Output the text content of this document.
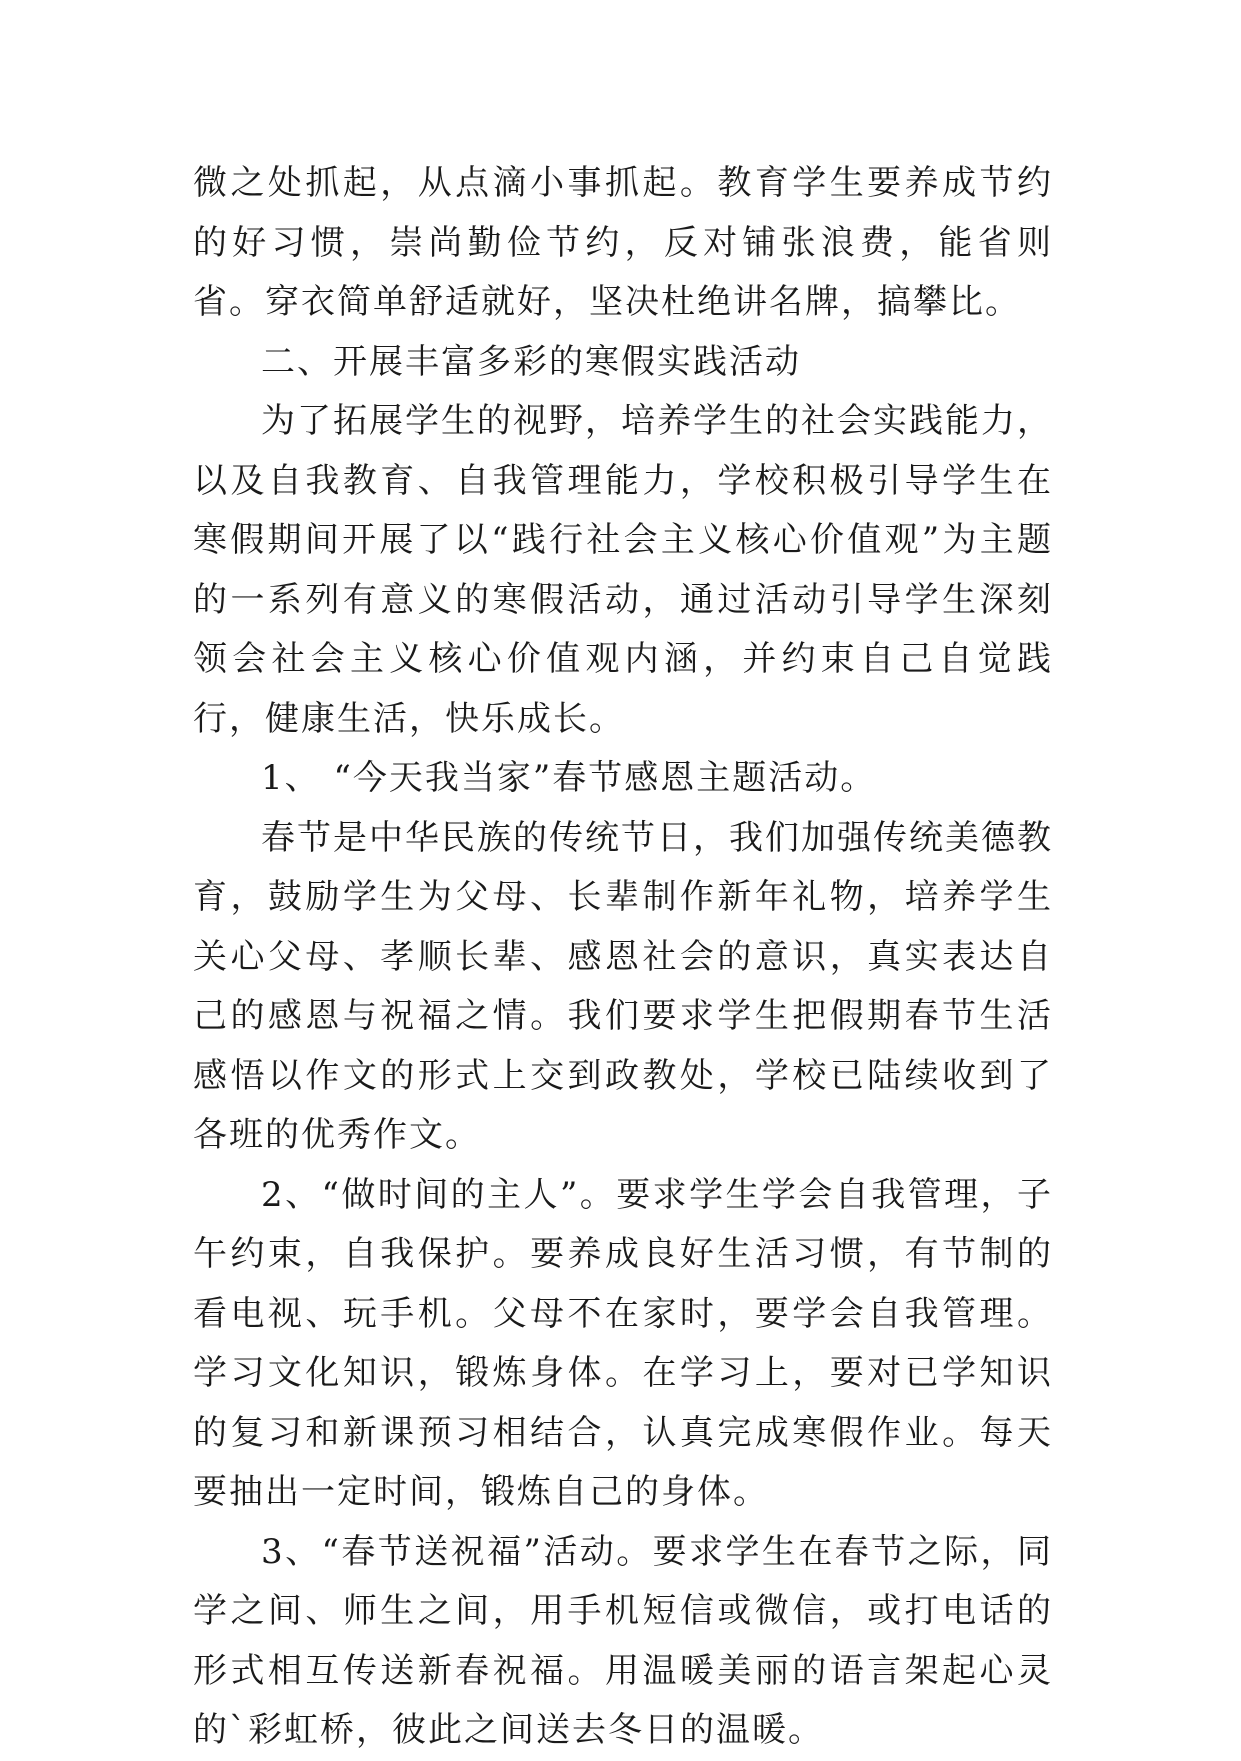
微之处抓起，从点滴小事抓起。教育学生要养成节约的好习惯，崇尚勤俭节约，反对铺张浪费，能省则省。穿衣简单舒适就好，坚决杜绝讲名牌，搞攀比。

二、开展丰富多彩的寒假实践活动

为了拓展学生的视野，培养学生的社会实践能力，以及自我教育、自我管理能力，学校积极引导学生在寒假期间开展了以“践行社会主义核心价值观”为主题的一系列有意义的寒假活动，通过活动引导学生深刻领会社会主义核心价值观内涵，并约束自己自觉践行，健康生活，快乐成长。

1、 “今天我当家”春节感恩主题活动。

春节是中华民族的传统节日，我们加强传统美德教育，鼓励学生为父母、长辈制作新年礼物，培养学生关心父母、孝顺长辈、感恩社会的意识，真实表达自己的感恩与祝福之情。我们要求学生把假期春节生活感悟以作文的形式上交到政教处，学校已陆续收到了各班的优秀作文。

2、“做时间的主人”。要求学生学会自我管理，子午约束，自我保护。要养成良好生活习惯，有节制的看电视、玩手机。父母不在家时，要学会自我管理。学习文化知识，锻炼身体。在学习上，要对已学知识的复习和新课预习相结合，认真完成寒假作业。每天要抽出一定时间，锻炼自己的身体。

3、“春节送祝福”活动。要求学生在春节之际，同学之间、师生之间，用手机短信或微信，或打电话的形式相互传送新春祝福。用温暖美丽的语言架起心灵的`彩虹桥，彼此之间送去冬日的温暖。
